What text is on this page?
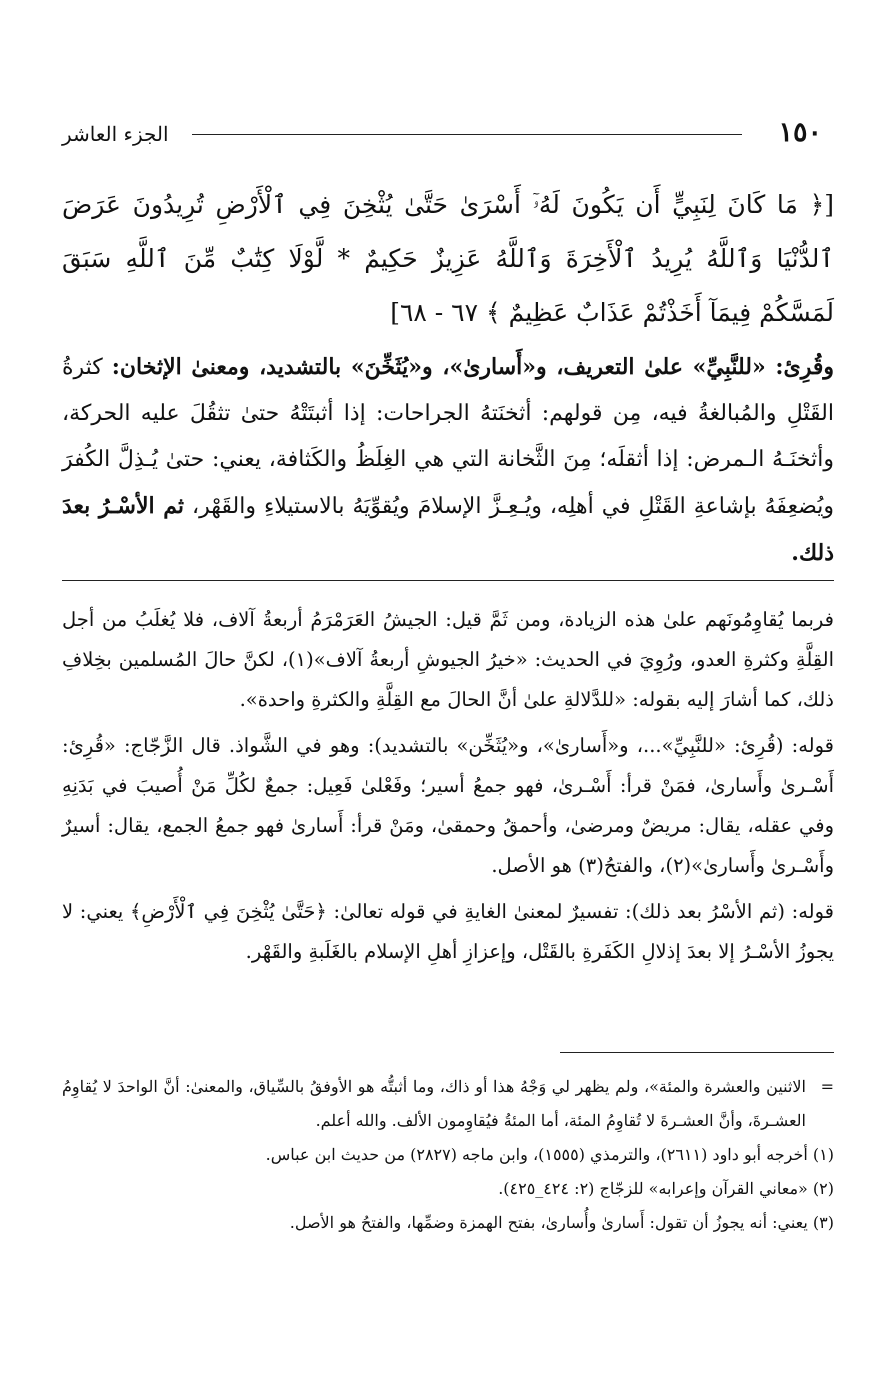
١٥٠
الجزء العاشر

[﴿ مَا كَانَ لِنَبِيٍّ أَن يَكُونَ لَهُۥٓ أَسْرَىٰ حَتَّىٰ يُثْخِنَ فِي ٱلْأَرْضِ تُرِيدُونَ عَرَضَ ٱلدُّنْيَا وَٱللَّهُ يُرِيدُ ٱلْأَخِرَةَ وَٱللَّهُ عَزِيزٌ حَكِيمٌ * لَّوْلَا كِتَٰبٌ مِّنَ ٱللَّهِ سَبَقَ لَمَسَّكُمْ فِيمَآ أَخَذْتُمْ عَذَابٌ عَظِيمٌ ﴾ ٦٧ - ٦٨]

وقُرِئ: «للنَّبِيِّ» علىٰ التعريف، و«أَسارىٰ»، و«يُثَخِّنَ» بالتشديد، ومعنىٰ الإثخان: كثرةُ القَتْلِ والمُبالغةُ فيه، مِن قولهم: أثخنَتهُ الجراحات: إذا أثبتَتْهُ حتىٰ تثقُلَ عليه الحركة، وأثخنَـهُ الـمرض: إذا أثقلَه؛ مِنَ الثَّخانة التي هي الغِلَظُ والكَثافة، يعني: حتىٰ يُـذِلَّ الكُفرَ ويُضعِفَهُ بإشاعةِ القَتْلِ في أهلِه، ويُـعِـزَّ الإسلامَ ويُقوِّيَهُ بالاستيلاءِ والقَهْر، ثم الأسْـرُ بعدَ ذلك.

فربما يُقاوِمُونَهم علىٰ هذه الزيادة، ومن ثَمَّ قيل: الجيشُ العَرَمْرَمُ أربعةُ آلاف، فلا يُغلَبُ من أجل القِلَّةِ وكثرةِ العدو، ورُوِيَ في الحديث: «خيرُ الجيوشِ أربعةُ آلاف»(١)، لكنَّ حالَ المُسلمين بخِلافِ ذلك، كما أشارَ إليه بقوله: «للدَّلالةِ علىٰ أنَّ الحالَ مع القِلَّةِ والكثرةِ واحدة».

قوله: (قُرِئ: «للنَّبِيِّ»...، و«أَسارىٰ»، و«يُثَخِّن» بالتشديد): وهو في الشَّواذ. قال الزَّجّاج: «قُرِئ: أَسْـرىٰ وأَسارىٰ، فمَنْ قرأ: أَسْـرىٰ، فهو جمعُ أسير؛ وفَعْلىٰ فَعِيل: جمعٌ لكُلِّ مَنْ أُصيبَ في بَدَنِهِ وفي عقله، يقال: مريضٌ ومرضىٰ، وأحمقُ وحمقىٰ، ومَنْ قرأ: أَسارىٰ فهو جمعُ الجمع، يقال: أسيرٌ وأَسْـرىٰ وأَسارىٰ»(٢)، والفتحُ(٣) هو الأصل.

قوله: (ثم الأسْرُ بعد ذلك): تفسيرٌ لمعنىٰ الغايةِ في قوله تعالىٰ: ﴿حَتَّىٰ يُثْخِنَ فِي ٱلْأَرْضِ﴾ يعني: لا يجوزُ الأسْـرُ إلا بعدَ إذلالِ الكَفَرةِ بالقَتْل، وإعزازِ أهلِ الإسلام بالغَلَبةِ والقَهْر.

=
الاثنين والعشرة والمئة»، ولم يظهر لي وَجْهُ هذا أو ذاك، وما أثبتُّه هو الأوفقُ بالسِّياق، والمعنىٰ: أنَّ الواحدَ لا يُقاوِمُ العشـرةَ، وأنَّ العشـرةَ لا تُقاوِمُ المئة، أما المئةُ فيُقاوِمون الألف. والله أعلم.

(١) أخرجه أبو داود (٢٦١١)، والترمذي (١٥٥٥)، وابن ماجه (٢٨٢٧) من حديث ابن عباس.

(٢) «معاني القرآن وإعرابه» للزجّاج (٢: ٤٢٤_٤٢٥).

(٣) يعني: أنه يجوزُ أن تقول: أَسارىٰ وأُسارىٰ، بفتح الهمزة وضمِّها، والفتحُ هو الأصل.
